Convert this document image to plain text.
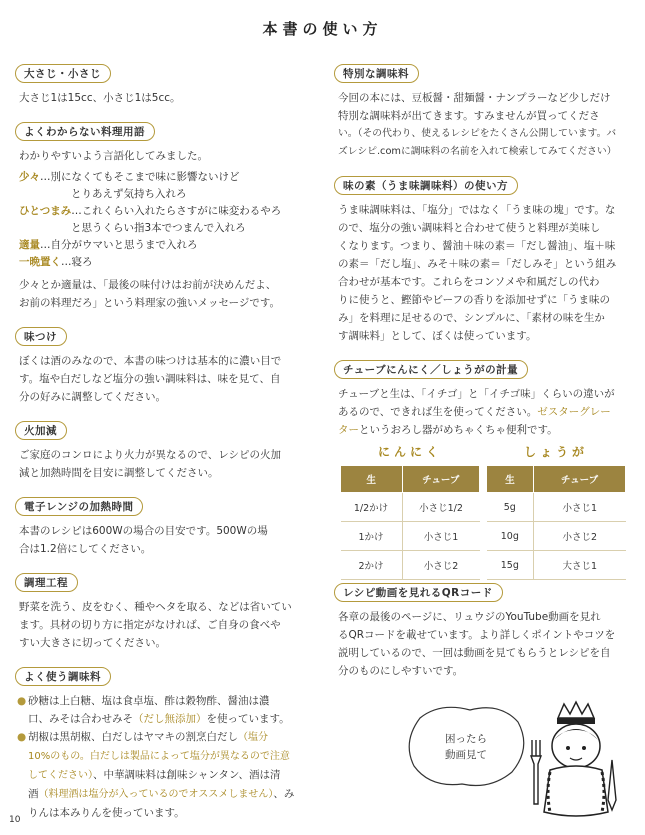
本書の使い方
大さじ・小さじ

大さじ1は15cc、小さじ1は5cc。

よくわからない料理用語

わかりやすいよう言語化してみました。

少々…別になくてもそこまで味に影響ないけど
とりあえず気持ち入れろ
ひとつまみ…これくらい入れたらさすがに味変わるやろ
と思うくらい指3本でつまんで入れろ
適量…自分がウマいと思うまで入れろ
一晩置く…寝ろ

少々とか適量は、「最後の味付けはお前が決めんだよ、

お前の料理だろ」という料理家の強いメッセージです。

味つけ

ぼくは酒のみなので、本書の味つけは基本的に濃い目で

す。塩や白だしなど塩分の強い調味料は、味を見て、自

分の好みに調整してください。

火加減

ご家庭のコンロにより火力が異なるので、レシピの火加

減と加熱時間を目安に調整してください。

電子レンジの加熱時間

本書のレシピは600Wの場合の目安です。500Wの場

合は1.2倍にしてください。

調理工程

野菜を洗う、皮をむく、種やヘタを取る、などは省いてい

ます。具材の切り方に指定がなければ、ご自身の食べや

すい大きさに切ってください。

よく使う調味料
● 砂糖は上白糖、塩は食卓塩、酢は穀物酢、醤油は濃
口、みそは合わせみそ（だし無添加）を使っています。
● 胡椒は黒胡椒、白だしはヤマキの割烹白だし（塩分
10%のもの。白だしは製品によって塩分が異なるので注意
してください）、中華調味料は創味シャンタン、酒は清
酒（料理酒は塩分が入っているのでオススメしません）、み
りんは本みりんを使っています。
特別な調味料

今回の本には、豆板醤・甜麺醤・ナンプラーなど少しだけ

特別な調味料が出てきます。すみませんが買ってくださ

い。（その代わり、使えるレシピをたくさん公開しています。バ

ズレシピ.comに調味料の名前を入れて検索してみてください）

味の素（うま味調味料）の使い方

うま味調味料は、「塩分」ではなく「うま味の塊」です。な

ので、塩分の強い調味料と合わせて使うと料理が美味し

くなります。つまり、醤油＋味の素＝「だし醤油」、塩＋味

の素＝「だし塩」、みそ＋味の素＝「だしみそ」という組み

合わせが基本です。これらをコンソメや和風だしの代わ

りに使うと、鰹節やビーフの香りを添加せずに「うま味の

み」を料理に足せるので、シンプルに、「素材の味を生か

す調味料」として、ぼくは使っています。

チューブにんにく／しょうがの計量

チューブと生は、「イチゴ」と「イチゴ味」くらいの違いが

あるので、できれば生を使ってください。ゼスターグレー

ターというおろし器がめちゃくちゃ便利です。

にんにく
生	チューブ
1/2かけ	小さじ1/2
1かけ	小さじ1
2かけ	小さじ2
しょうが
生	チューブ
5g	小さじ1
10g	小さじ2
15g	大さじ1
レシピ動画を見れるQRコード

各章の最後のページに、リュウジのYouTube動画を見れ

るQRコードを載せています。より詳しくポイントやコツを

説明しているので、一回は動画を見てもらうとレシピを自

分のものにしやすいです。

困ったら
動画見て
10
